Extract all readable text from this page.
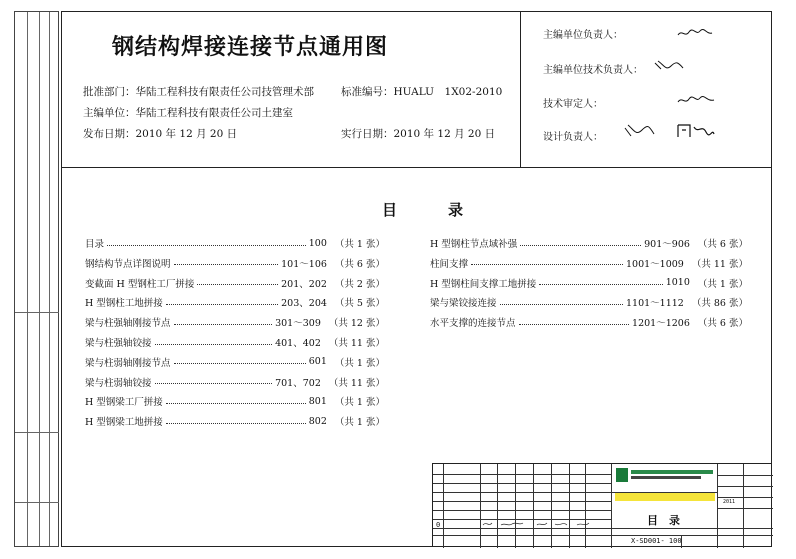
钢结构焊接连接节点通用图
批准部门：华陆工程科技有限责任公司技管理术部	标准编号：HUALU　1X02-2010
主编单位：华陆工程科技有限责任公司土建室
发布日期：2010 年 12 月 20 日	实行日期：2010 年 12 月 20 日
主编单位负责人：
主编单位技术负责人：
技术审定人：
设计负责人：
目　录
目录	100 （共 1 张）
钢结构节点详图说明	101～106 （共 6 张）
变截面 H 型钢柱工厂拼接	201、202 （共 2 张）
H 型钢柱工地拼接	203、204 （共 5 张）
梁与柱强轴刚接节点	301～309 （共 12 张）
梁与柱强轴铰接	401、402 （共 11 张）
梁与柱弱轴刚接节点	601 （共 1 张）
梁与柱弱轴铰接	701、702 （共 11 张）
H 型钢梁工厂拼接	801 （共 1 张）
H 型钢梁工地拼接	802 （共 1 张）
H 型钢柱节点域补强	901～906 （共 6 张）
柱间支撑	1001～1009 （共 11 张）
H 型钢柱间支撑工地拼接	1010 （共 1 张）
梁与梁铰接连接	1101～1112 （共 86 张）
水平支撑的连接节点	1201～1206 （共 6 张）
目　录
X-SD001- 100
0
2011
